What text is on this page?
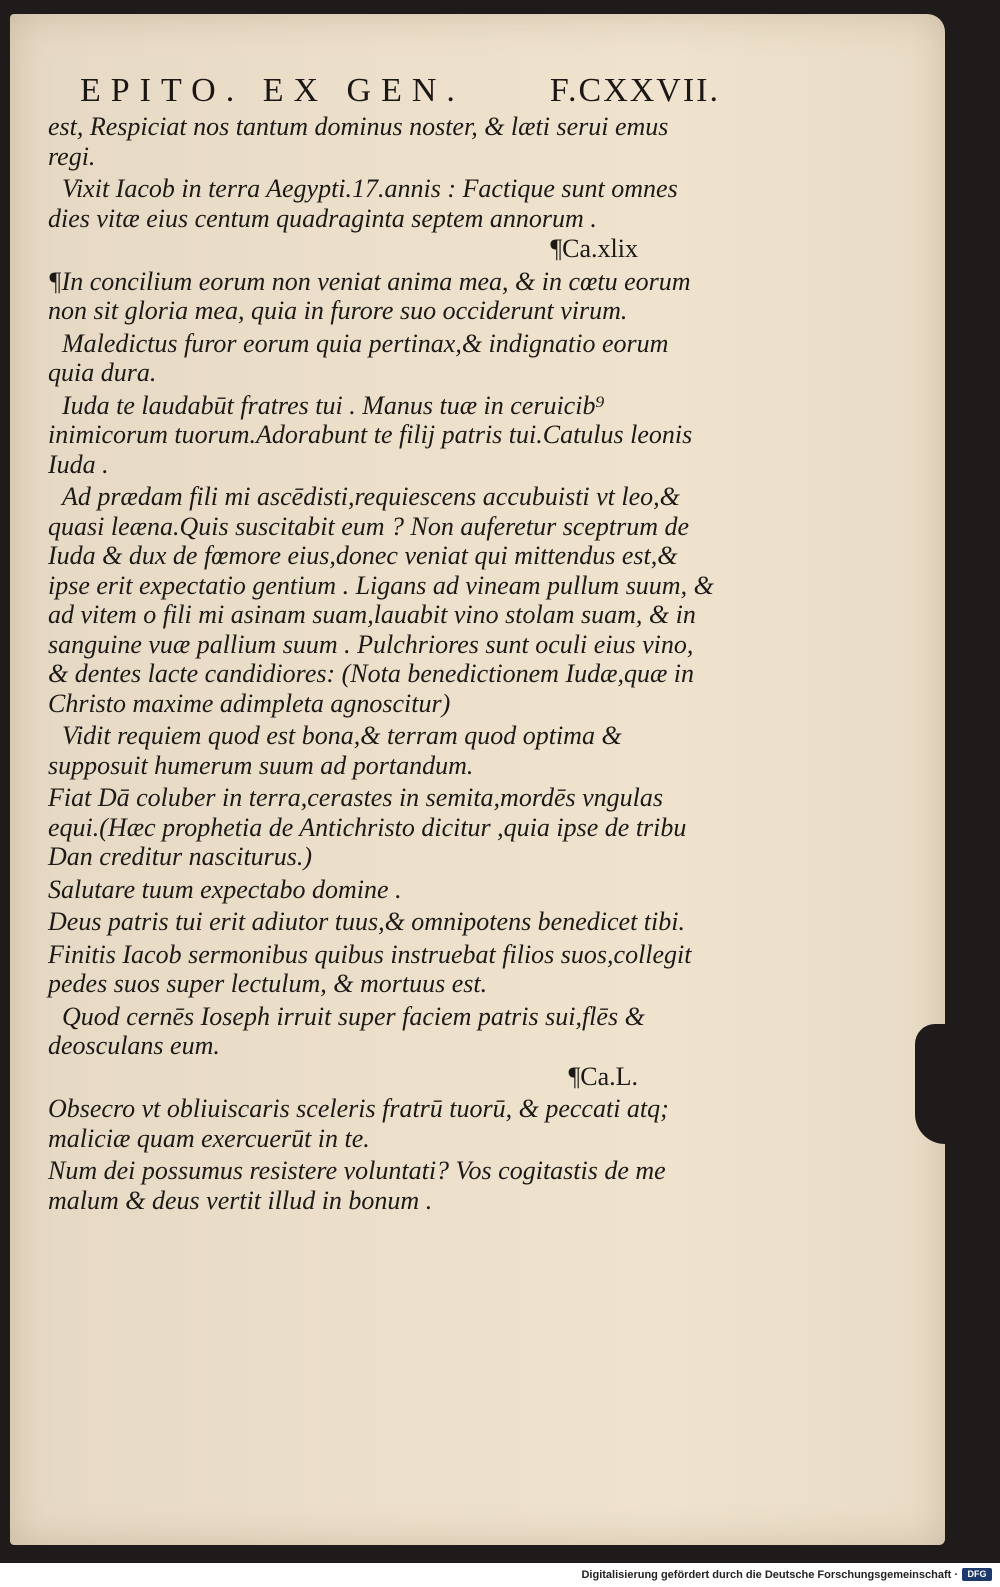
EPITO. EX GEN. F.CXXVII.

est, Respiciat nos tantum dominus noster, & læti serui emus regi.

Vixit Iacob in terra Aegypti.17.annis : Factique sunt omnes dies vitæ eius centum quadraginta septem annorum .

¶Ca.xlix

¶In concilium eorum non veniat anima mea, & in cœtu eorum non sit gloria mea, quia in furore suo occiderunt virum.

Maledictus furor eorum quia pertinax,& indignatio eorum quia dura.

Iuda te laudabūt fratres tui . Manus tuæ in ceruicib⁹ inimicorum tuorum.Adorabunt te filij patris tui.Catulus leonis Iuda .

Ad prædam fili mi ascēdisti,requiescens accubuisti vt leo,& quasi leæna.Quis suscitabit eum ? Non auferetur sceptrum de Iuda & dux de fœmore eius,donec veniat qui mittendus est,& ipse erit expectatio gentium . Ligans ad vineam pullum suum, & ad vitem o fili mi asinam suam,lauabit vino stolam suam, & in sanguine vuæ pallium suum . Pulchriores sunt oculi eius vino, & dentes lacte candidiores: (Nota benedictionem Iudæ,quæ in Christo maxime adimpleta agnoscitur)

Vidit requiem quod est bona,& terram quod optima & supposuit humerum suum ad portandum.

Fiat Dā coluber in terra,cerastes in semita,mordēs vngulas equi.(Hæc prophetia de Antichristo dicitur ,quia ipse de tribu Dan creditur nasciturus.)

Salutare tuum expectabo domine .

Deus patris tui erit adiutor tuus,& omnipotens benedicet tibi.

Finitis Iacob sermonibus quibus instruebat filios suos,collegit pedes suos super lectulum, & mortuus est.

Quod cernēs Ioseph irruit super faciem patris sui,flēs & deosculans eum.

¶Ca.L.

Obsecro vt obliuiscaris sceleris fratrū tuorū, & peccati atq; maliciæ quam exercuerūt in te.

Num dei possumus resistere voluntati? Vos cogitastis de me malum & deus vertit illud in bonum .

Digitalisierung gefördert durch die Deutsche Forschungsgemeinschaft ·	DFG
